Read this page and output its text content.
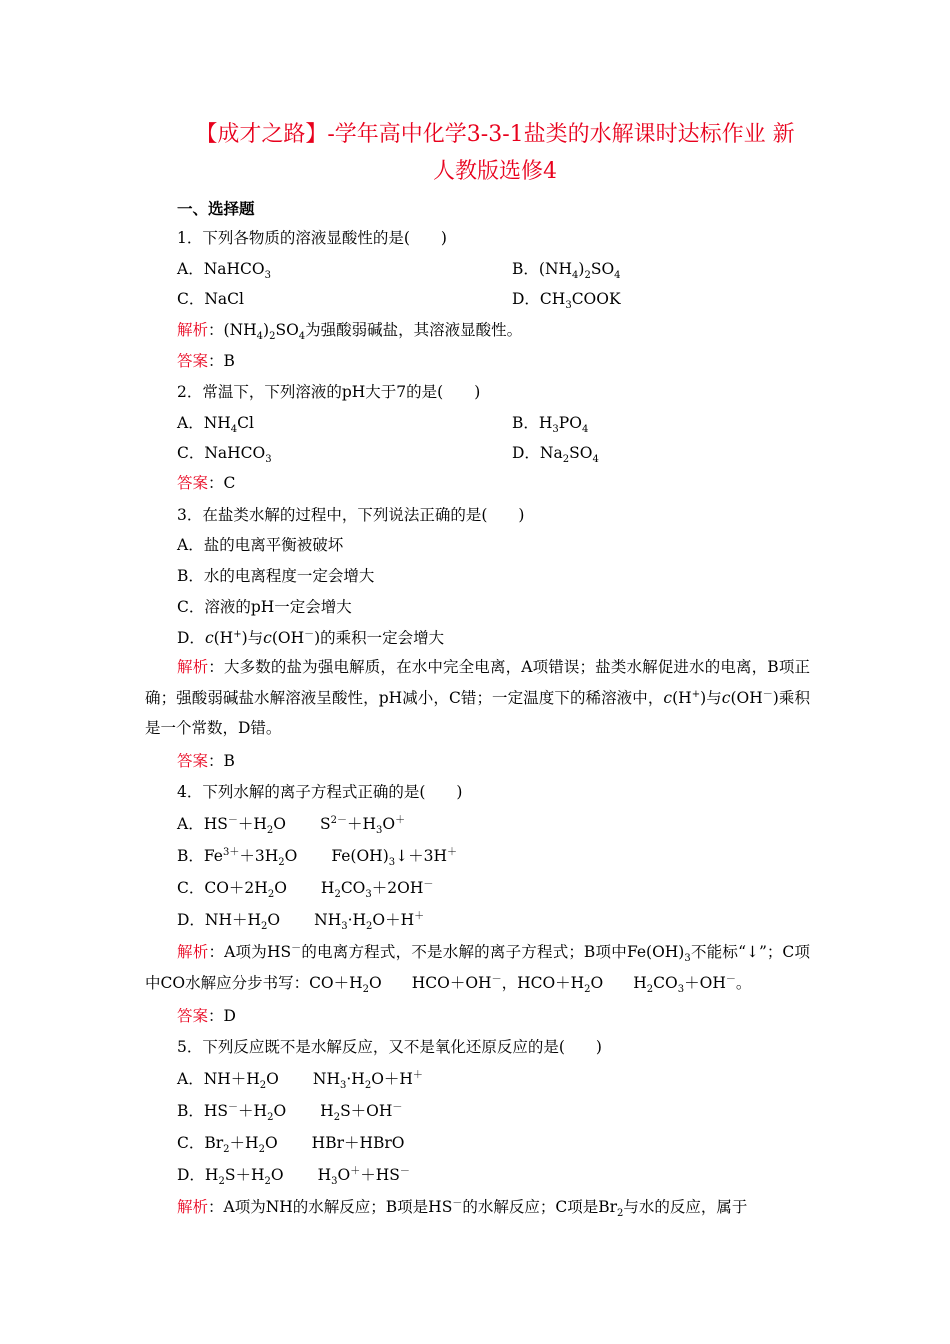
【成才之路】-学年高中化学3-3-1盐类的水解课时达标作业 新
人教版选修4
一、选择题
1．下列各物质的溶液显酸性的是(　　)
A．NaHCO$_3$	B．$(NH_4)_2SO_4$
C．NaCl	D．$CH_3COOK$
解析：$(NH_4)_2SO_4$为强酸弱碱盐，其溶液显酸性。
答案：B
2．常温下，下列溶液的pH大于7的是(　　)
A．$NH_4Cl$	B．$H_3PO_4$
C．NaHCO$_3$	D．$Na_2SO_4$
答案：C
3．在盐类水解的过程中，下列说法正确的是(　　)
A．盐的电离平衡被破坏
B．水的电离程度一定会增大
C．溶液的pH一定会增大
D．c(H+)与c(OH－)的乘积一定会增大
解析：大多数的盐为强电解质，在水中完全电离，A项错误；盐类水解促进水的电离，B项正确；强酸弱碱盐水解溶液呈酸性，pH减小，C错；一定温度下的稀溶液中，c(H+)与c(OH－)乘积是一个常数，D错。
答案：B
4．下列水解的离子方程式正确的是(　　)
A．$HS^-+H_2O$ $S^{2-}+H_3O^+$
B．$Fe^{3+}+3H_2O$ $Fe(OH)_3↓+3H^+$
C．$CO+2H_2O$ $H_2CO_3+2OH^-$
D．$NH+H_2O$ $NH_3\cdot H_2O+H^+$
解析：A项为HS－的电离方程式，不是水解的离子方程式；B项中$Fe(OH)_3$不能标“↓”；C项中CO水解应分步书写：$CO+H_2O$ HCO＋OH－，$HCO+H_2O$ $H_2CO_3+OH^-$。
答案：D
5．下列反应既不是水解反应，又不是氧化还原反应的是(　　)
A．$NH+H_2O$ $NH_3\cdot H_2O+H^+$
B．$HS^-+H_2O$ $H_2S+OH^-$
C．$Br_2+H_2O$ HBr＋HBrO
D．$H_2S+H_2O$ $H_3O^++HS^-$
解析：A项为NH的水解反应；B项是HS－的水解反应；C项是$Br_2$与水的反应，属于
